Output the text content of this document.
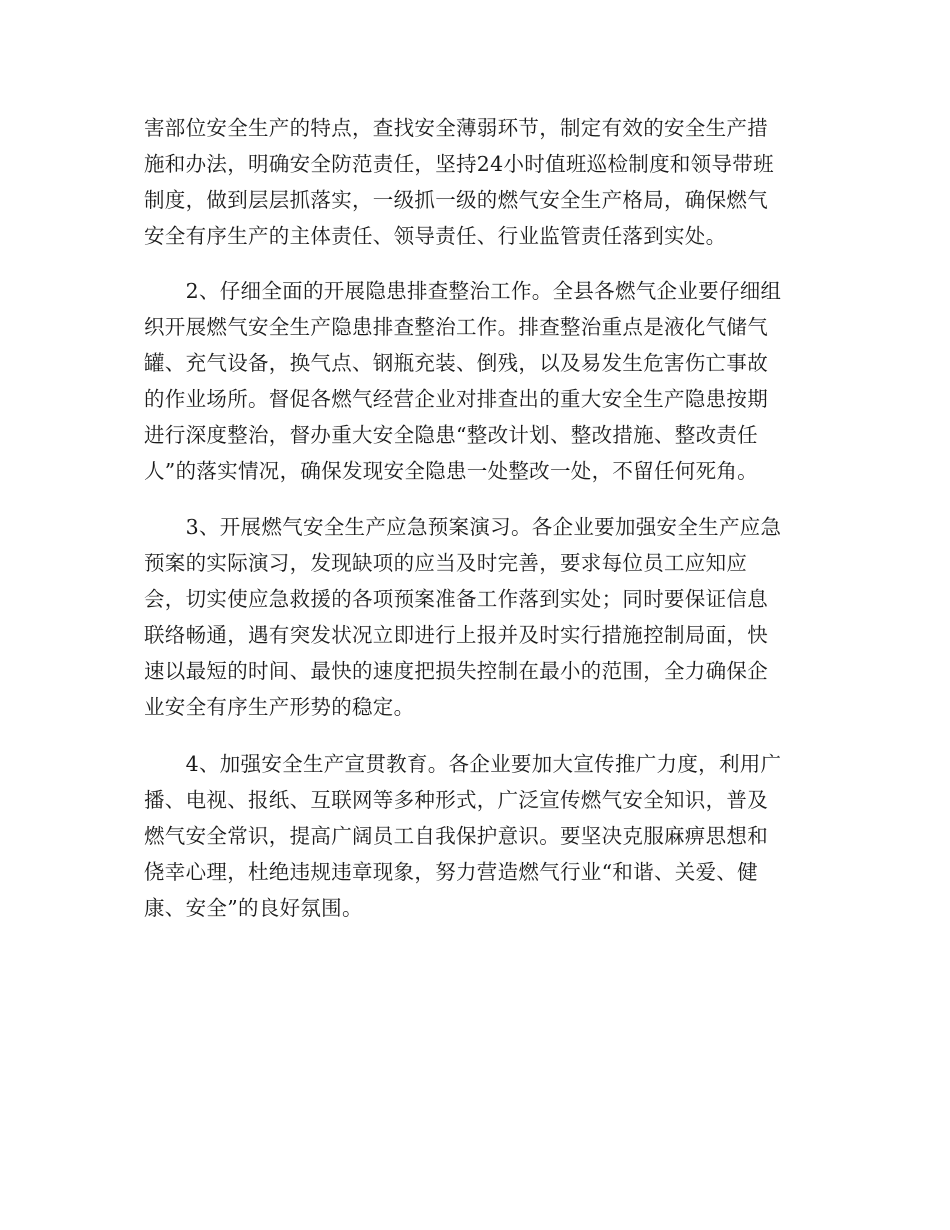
害部位安全生产的特点，查找安全薄弱环节，制定有效的安全生产措
施和办法，明确安全防范责任，坚持24小时值班巡检制度和领导带班
制度，做到层层抓落实，一级抓一级的燃气安全生产格局，确保燃气
安全有序生产的主体责任、领导责任、行业监管责任落到实处。
　　2、仔细全面的开展隐患排查整治工作。全县各燃气企业要仔细组
织开展燃气安全生产隐患排查整治工作。排查整治重点是液化气储气
罐、充气设备，换气点、钢瓶充装、倒残，以及易发生危害伤亡事故
的作业场所。督促各燃气经营企业对排查出的重大安全生产隐患按期
进行深度整治，督办重大安全隐患“整改计划、整改措施、整改责任
人”的落实情况，确保发现安全隐患一处整改一处，不留任何死角。
　　3、开展燃气安全生产应急预案演习。各企业要加强安全生产应急
预案的实际演习，发现缺项的应当及时完善，要求每位员工应知应
会，切实使应急救援的各项预案准备工作落到实处；同时要保证信息
联络畅通，遇有突发状况立即进行上报并及时实行措施控制局面，快
速以最短的时间、最快的速度把损失控制在最小的范围，全力确保企
业安全有序生产形势的稳定。
　　4、加强安全生产宣贯教育。各企业要加大宣传推广力度，利用广
播、电视、报纸、互联网等多种形式，广泛宣传燃气安全知识，普及
燃气安全常识，提高广阔员工自我保护意识。要坚决克服麻痹思想和
侥幸心理，杜绝违规违章现象，努力营造燃气行业“和谐、关爱、健
康、安全”的良好氛围。
